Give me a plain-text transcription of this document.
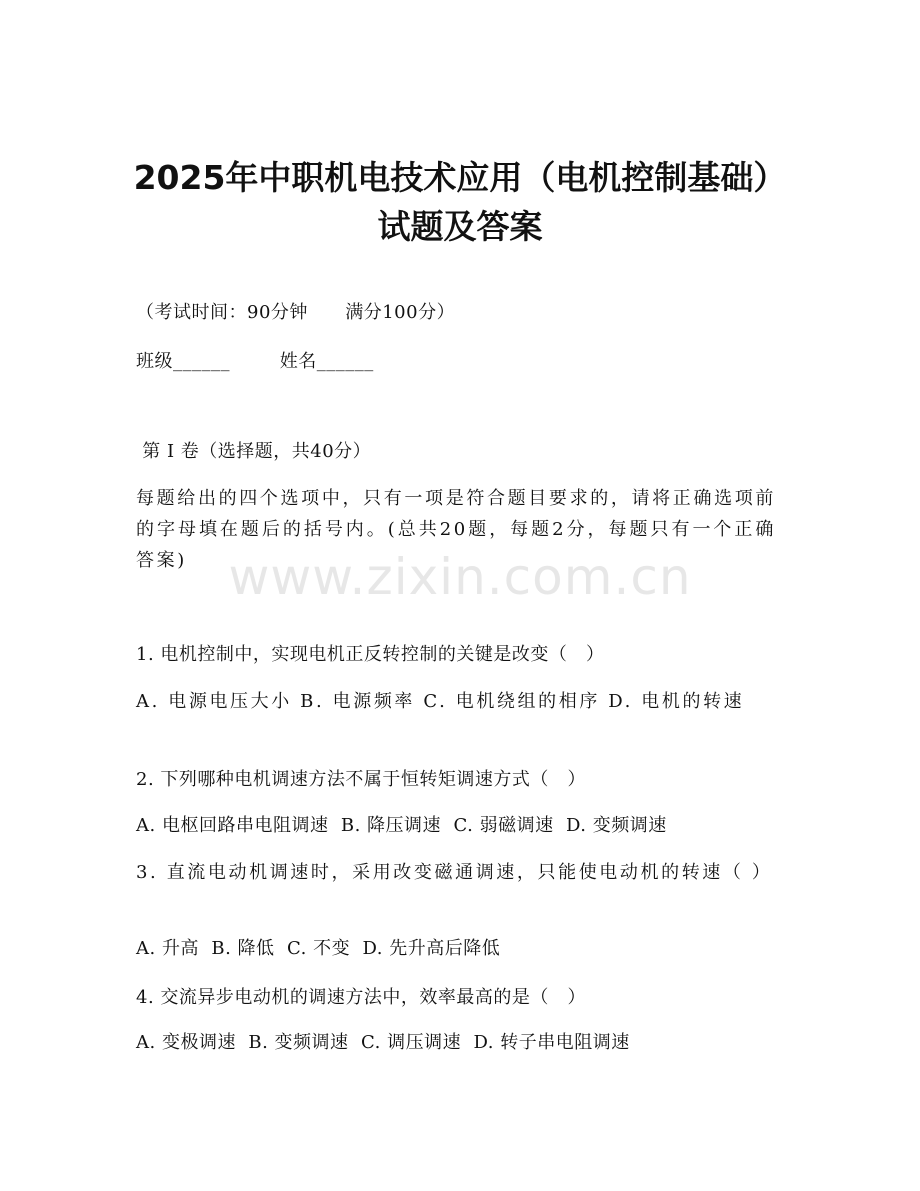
2025年中职机电技术应用（电机控制基础）
试题及答案
（考试时间：90分钟      满分100分）
班级______        姓名______
第 I 卷（选择题，共40分）
每题给出的四个选项中，只有一项是符合题目要求的，请将正确选项前的字母填在题后的括号内。(总共20题，每题2分，每题只有一个正确答案) www.zixin.com.cn
1. 电机控制中，实现电机正反转控制的关键是改变（   ）
A. 电源电压大小 B. 电源频率 C. 电机绕组的相序 D. 电机的转速
2. 下列哪种电机调速方法不属于恒转矩调速方式（   ）
A. 电枢回路串电阻调速  B. 降压调速  C. 弱磁调速  D. 变频调速
3. 直流电动机调速时，采用改变磁通调速，只能使电动机的转速（ ）
A. 升高  B. 降低  C. 不变  D. 先升高后降低
4. 交流异步电动机的调速方法中，效率最高的是（   ）
A. 变极调速  B. 变频调速  C. 调压调速  D. 转子串电阻调速
